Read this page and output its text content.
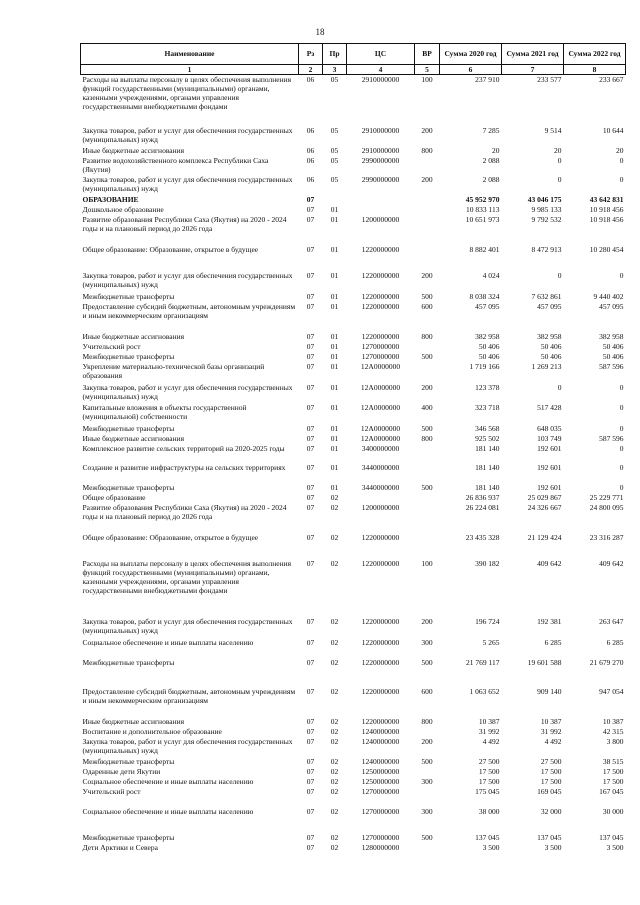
18
Наименование	Рз	Пр	ЦС	ВР	Сумма 2020 год	Сумма 2021 год	Сумма 2022 год
1	2	3	4	5	6	7	8
Расходы на выплаты персоналу в целях обеспечения выполнения функций государственными (муниципальными) органами, казенными учреждениями, органами управления государственными внебюджетными фондами	06	05	2910000000	100	237 910	233 577	233 667
Закупка товаров, работ и услуг для обеспечения государственных (муниципальных) нужд	06	05	2910000000	200	7 285	9 514	10 644
Иные бюджетные ассигнования	06	05	2910000000	800	20	20	20
Развитие водохозяйственного комплекса Республики Саха (Якутия)	06	05	2990000000		2 088	0	0
Закупка товаров, работ и услуг для обеспечения государственных (муниципальных) нужд	06	05	2990000000	200	2 088	0	0
ОБРАЗОВАНИЕ	07				45 952 970	43 046 175	43 642 831
Дошкольное образование	07	01			10 833 113	9 985 133	10 918 456
Развитие образования Республики Саха (Якутия) на 2020 - 2024 годы и на плановый период до 2026 года	07	01	1200000000		10 651 973	9 792 532	10 918 456
Общее образование: Образование, открытое в будущее	07	01	1220000000		8 882 401	8 472 913	10 280 454
Закупка товаров, работ и услуг для обеспечения государственных (муниципальных) нужд	07	01	1220000000	200	4 024	0	0
Межбюджетные трансферты	07	01	1220000000	500	8 038 324	7 632 861	9 440 402
Предоставление субсидий бюджетным, автономным учреждениям и иным некоммерческим организациям	07	01	1220000000	600	457 095	457 095	457 095
Иные бюджетные ассигнования	07	01	1220000000	800	382 958	382 958	382 958
Учительский рост	07	01	1270000000		50 406	50 406	50 406
Межбюджетные трансферты	07	01	1270000000	500	50 406	50 406	50 406
Укрепление материально-технической базы организаций образования	07	01	12А0000000		1 719 166	1 269 213	587 596
Закупка товаров, работ и услуг для обеспечения государственных (муниципальных) нужд	07	01	12А0000000	200	123 378	0	0
Капитальные вложения в объекты государственной (муниципальной) собственности	07	01	12А0000000	400	323 718	517 428	0
Межбюджетные трансферты	07	01	12А0000000	500	346 568	648 035	0
Иные бюджетные ассигнования	07	01	12А0000000	800	925 502	103 749	587 596
Комплексное развитие сельских территорий на 2020-2025 годы	07	01	3400000000		181 140	192 601	0
Создание и развитие инфраструктуры на сельских территориях	07	01	3440000000		181 140	192 601	0
Межбюджетные трансферты	07	01	3440000000	500	181 140	192 601	0
Общее образование	07	02			26 836 937	25 029 867	25 229 771
Развитие образования Республики Саха (Якутия) на 2020 - 2024 годы и на плановый период до 2026 года	07	02	1200000000		26 224 081	24 326 667	24 800 095
Общее образование: Образование, открытое в будущее	07	02	1220000000		23 435 328	21 129 424	23 316 287
Расходы на выплаты персоналу в целях обеспечения выполнения функций государственными (муниципальными) органами, казенными учреждениями, органами управления государственными внебюджетными фондами	07	02	1220000000	100	390 182	409 642	409 642
Закупка товаров, работ и услуг для обеспечения государственных (муниципальных) нужд	07	02	1220000000	200	196 724	192 381	263 647
Социальное обеспечение и иные выплаты населению	07	02	1220000000	300	5 265	6 285	6 285
Межбюджетные трансферты	07	02	1220000000	500	21 769 117	19 601 588	21 679 270
Предоставление субсидий бюджетным, автономным учреждениям и иным некоммерческим организациям	07	02	1220000000	600	1 063 652	909 140	947 054
Иные бюджетные ассигнования	07	02	1220000000	800	10 387	10 387	10 387
Воспитание и дополнительное образование	07	02	1240000000		31 992	31 992	42 315
Закупка товаров, работ и услуг для обеспечения государственных (муниципальных) нужд	07	02	1240000000	200	4 492	4 492	3 800
Межбюджетные трансферты	07	02	1240000000	500	27 500	27 500	38 515
Одаренные дети Якутии	07	02	1250000000		17 500	17 500	17 500
Социальное обеспечение и иные выплаты населению	07	02	1250000000	300	17 500	17 500	17 500
Учительский рост	07	02	1270000000		175 045	169 045	167 045
Социальное обеспечение и иные выплаты населению	07	02	1270000000	300	38 000	32 000	30 000
Межбюджетные трансферты	07	02	1270000000	500	137 045	137 045	137 045
Дети Арктики и Севера	07	02	1280000000		3 500	3 500	3 500
